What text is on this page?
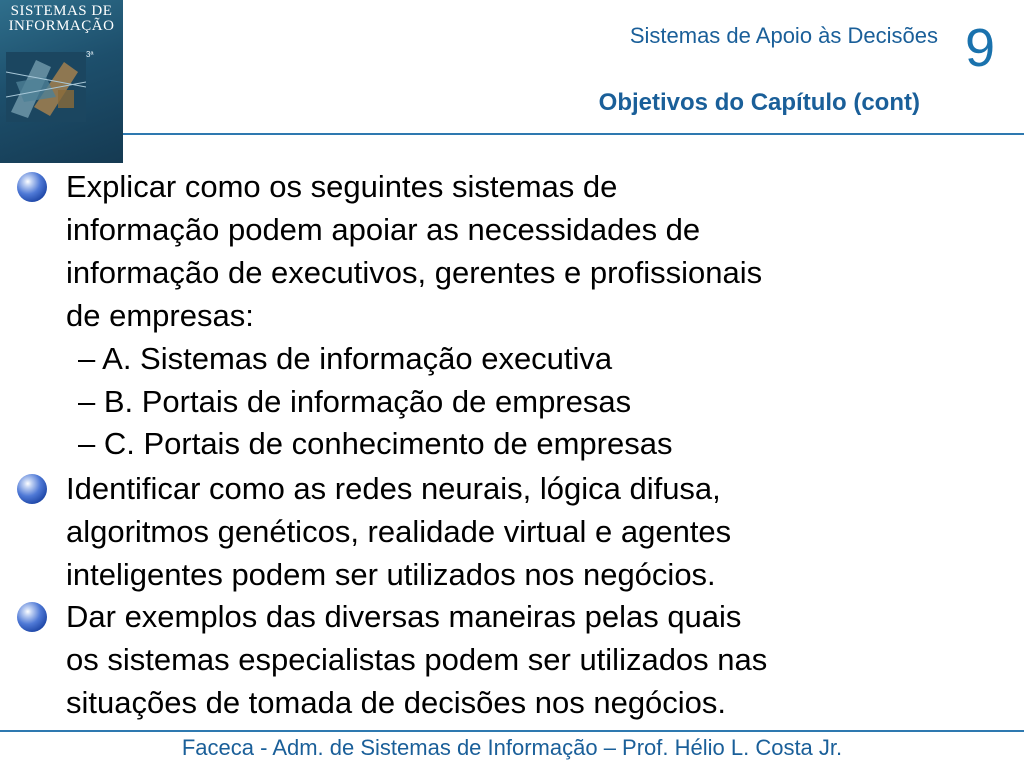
SISTEMAS DE INFORMAÇÃO
3ª
Sistemas de Apoio às Decisões 9
Objetivos do Capítulo (cont)
Explicar como os seguintes sistemas de
informação podem apoiar as necessidades de
informação de executivos, gerentes e profissionais
de empresas:
– A. Sistemas de informação executiva
– B. Portais de informação de empresas
– C. Portais de conhecimento de empresas
Identificar como as redes neurais, lógica difusa,
algoritmos genéticos, realidade virtual e agentes
inteligentes podem ser utilizados nos negócios.
Dar exemplos das diversas maneiras pelas quais
os sistemas especialistas podem ser utilizados nas
situações de tomada de decisões nos negócios.
Faceca - Adm. de Sistemas de Informação – Prof. Hélio L. Costa Jr.
